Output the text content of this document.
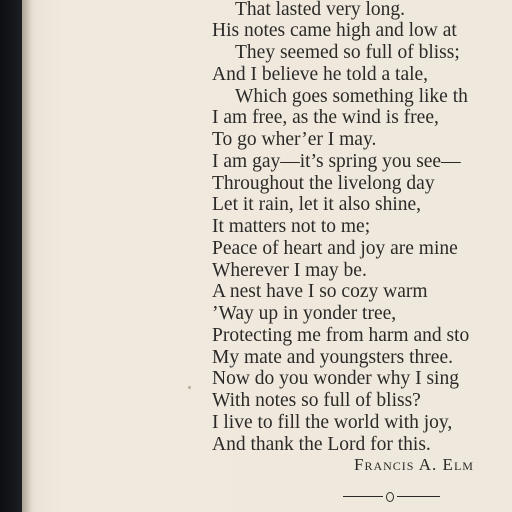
That lasted very long.
His notes came high and low at
They seemed so full of bliss;
And I believe he told a tale,
Which goes something like th
I am free, as the wind is free,
To go wher’er I may.
I am gay—it’s spring you see—
Throughout the livelong day
Let it rain, let it also shine,
It matters not to me;
Peace of heart and joy are mine
Wherever I may be.
A nest have I so cozy warm
’Way up in yonder tree,
Protecting me from harm and sto
My mate and youngsters three.
Now do you wonder why I sing
With notes so full of bliss?
I live to fill the world with joy,
And thank the Lord for this.
Francis A. Elm
